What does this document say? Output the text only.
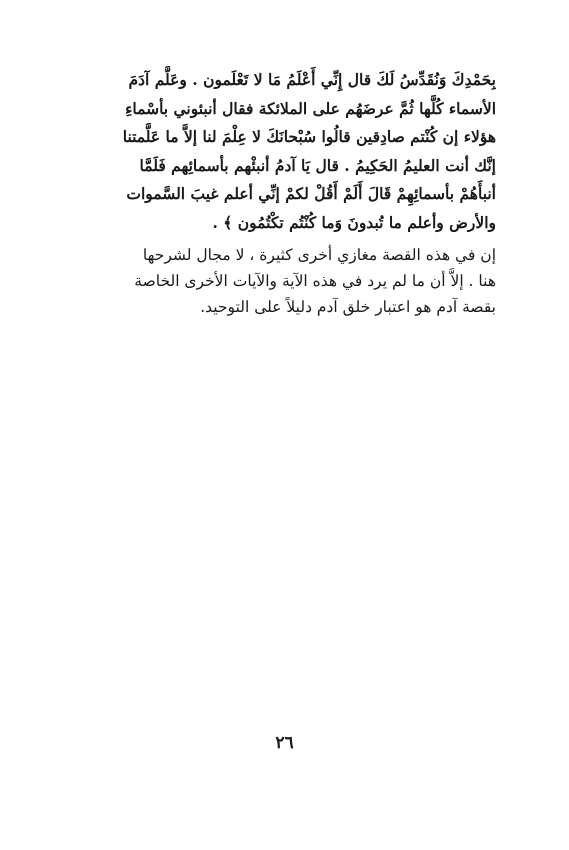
بِحَمْدِكَ وَنُقَدِّسُ لَكَ قال إِنِّي أَعْلَمُ مَا لا تَعْلَمون . وعَلَّم آدَمَ
الأسماء كُلَّها ثُمَّ عرضَهُم على الملائكة فقال أنبئوني بأسْماءِ
هؤلاء إن كُنْتم صادِقين قالُوا سُبْحانَكَ لا عِلْمَ لنا إلاَّ ما عَلَّمتنا
إنَّك أنت العليمُ الحَكِيمُ . قال يَا آدمُ أنبئْهم بأسمائِهم فَلَمَّا
أنبأَهُمْ بأسمائِهِمْ قَالَ أَلَمْ أَقُلْ لكمْ إنِّي أعلم غيبَ السَّموات
والأرض وأعلم ما تُبدونَ وَما كُنْتُم تكْتُمُون ﴾ .
إن في هذه القصة مغازي أخرى كثيرة ، لا مجال لشرحها
هنا . إلاَّ أن ما لم يرد في هذه الآية والآيات الأخرى الخاصة
بقصة آدم هو اعتبار خلق آدم دليلاً على التوحيد.
٢٦
